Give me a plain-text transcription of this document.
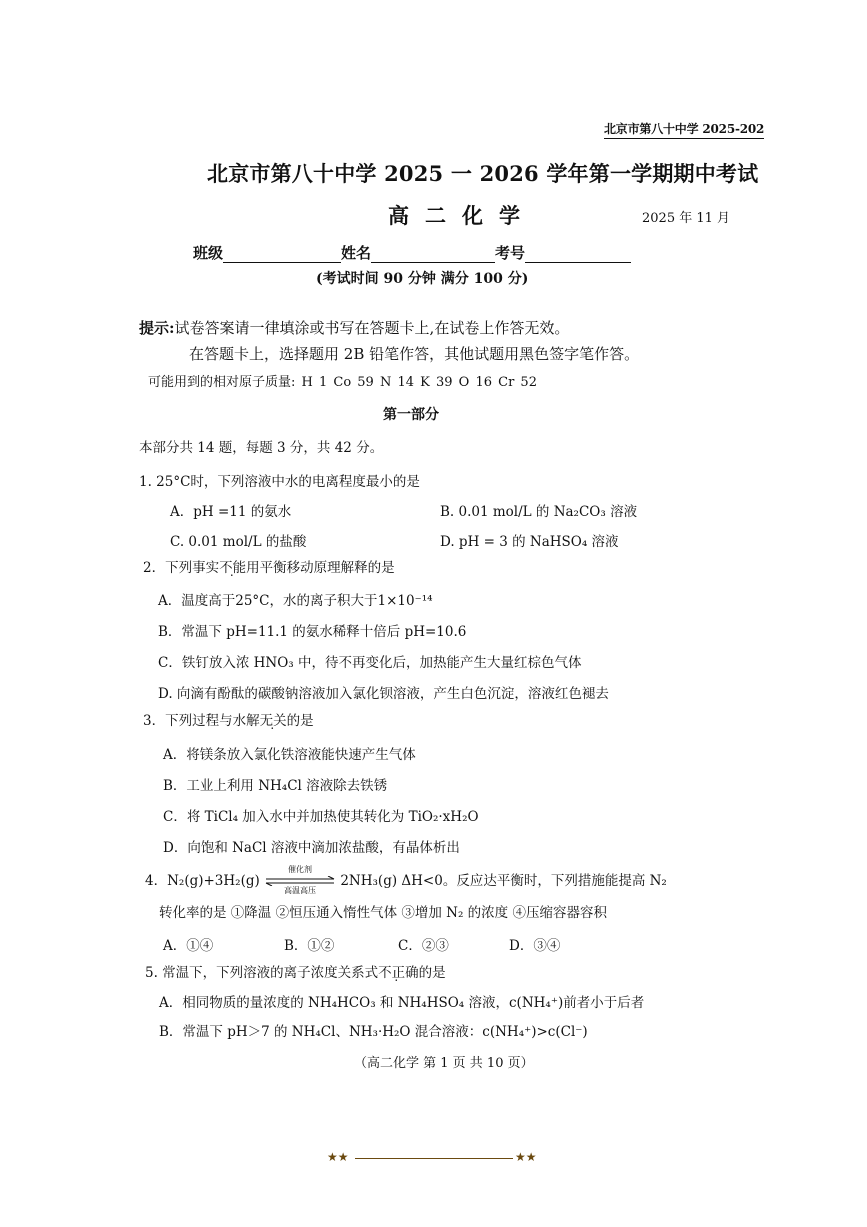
北京市第八十中学 2025-202
北京市第八十中学 2025 一 2026 学年第一学期期中考试
高二化学	2025 年 11 月
班级	姓名	考号
(考试时间 90 分钟 满分 100 分)
提示:试卷答案请一律填涂或书写在答题卡上,在试卷上作答无效。
在答题卡上，选择题用 2B 铅笔作答，其他试题用黑色签字笔作答。
可能用到的相对原子质量: H 1 Co 59 N 14 K 39 O 16 Cr 52
第一部分
本部分共 14 题，每题 3 分，共 42 分。
1. 25°C时，下列溶液中水的电离程度最小的是
A．pH =11 的氨水	B. 0.01 mol/L 的 Na₂CO₃ 溶液
C. 0.01 mol/L 的盐酸	D. pH = 3 的 NaHSO₄ 溶液
2．下列事实不能用平衡移动原理解释的是
A．温度高于25°C，水的离子积大于1×10⁻¹⁴
B．常温下 pH=11.1 的氨水稀释十倍后 pH=10.6
C．铁钉放入浓 HNO₃ 中，待不再变化后，加热能产生大量红棕色气体
D. 向滴有酚酞的碳酸钠溶液加入氯化钡溶液，产生白色沉淀，溶液红色褪去
3．下列过程与水解无关的是
A．将镁条放入氯化铁溶液能快速产生气体
B．工业上利用 NH₄Cl 溶液除去铁锈
C．将 TiCl₄ 加入水中并加热使其转化为 TiO₂·xH₂O
D．向饱和 NaCl 溶液中滴加浓盐酸，有晶体析出
4．N₂(g)+3H₂(g)
催化剂
高温高压
2NH₃(g) ΔH<0。反应达平衡时，下列措施能提高 N₂
转化率的是 ①降温 ②恒压通入惰性气体 ③增加 N₂ 的浓度 ④压缩容器容积
A．①④	B．①②	C．②③	D．③④
5. 常温下，下列溶液的离子浓度关系式不正确的是
A．相同物质的量浓度的 NH₄HCO₃ 和 NH₄HSO₄ 溶液，c(NH₄⁺)前者小于后者
B．常温下 pH＞7 的 NH₄Cl、NH₃·H₂O 混合溶液：c(NH₄⁺)>c(Cl⁻)
（高二化学 第 1 页 共 10 页）
★★	★★
